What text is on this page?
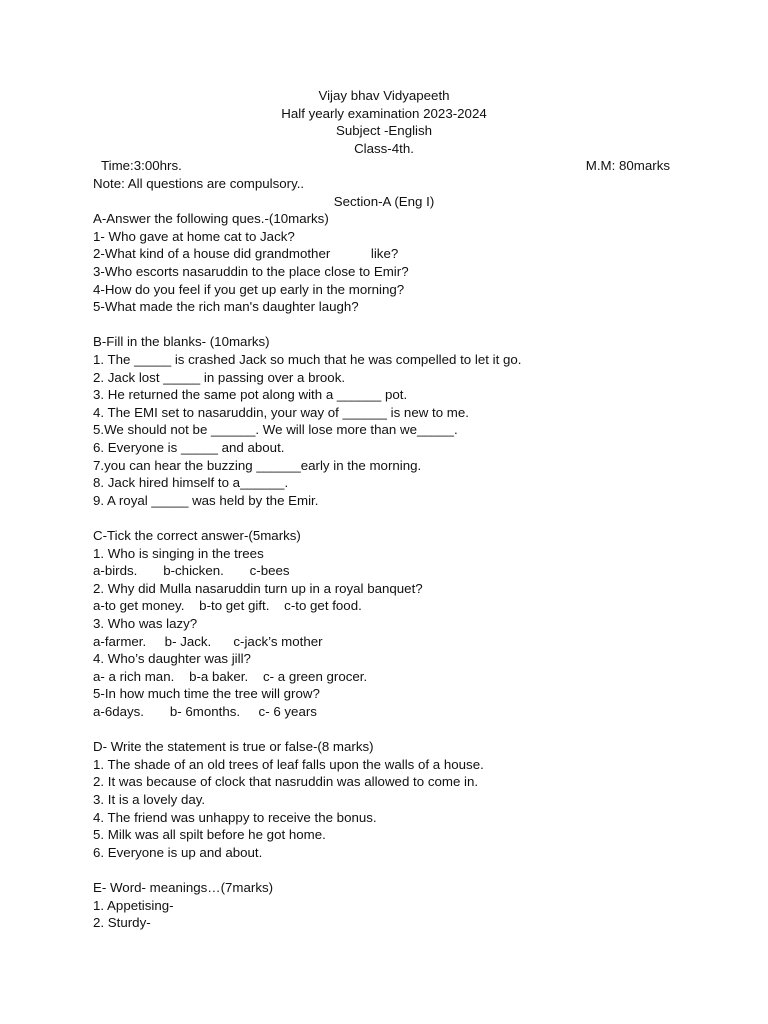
Vijay bhav Vidyapeeth
Half yearly examination 2023-2024
Subject -English
Class-4th.
Time:3:00hrs.	M.M: 80marks
Note: All questions are compulsory..
Section-A (Eng I)
A-Answer the following ques.-(10marks)
1- Who gave at home cat to Jack?
2-What kind of a house did grandmother           like?
3-Who escorts nasaruddin to the place close to Emir?
4-How do you feel if you get up early in the morning?
5-What made the rich man's daughter laugh?
B-Fill in the blanks- (10marks)
1. The _____ is crashed Jack so much that he was compelled to let it go.
2. Jack lost _____ in passing over a brook.
3. He returned the same pot along with a ______ pot.
4. The EMI set to nasaruddin, your way of ______ is new to me.
5.We should not be ______. We will lose more than we_____.
6. Everyone is _____ and about.
7.you can hear the buzzing ______early in the morning.
8. Jack hired himself to a______.
9. A royal _____ was held by the Emir.
C-Tick the correct answer-(5marks)
1. Who is singing in the trees
a-birds.       b-chicken.       c-bees
2. Why did Mulla nasaruddin turn up in a royal banquet?
a-to get money.    b-to get gift.    c-to get food.
3. Who was lazy?
a-farmer.     b- Jack.      c-jack’s mother
4. Who’s daughter was jill?
a- a rich man.    b-a baker.    c- a green grocer.
5-In how much time the tree will grow?
a-6days.       b- 6months.     c- 6 years
D- Write the statement is true or false-(8 marks)
1. The shade of an old trees of leaf falls upon the walls of a house.
2. It was because of clock that nasruddin was allowed to come in.
3. It is a lovely day.
4. The friend was unhappy to receive the bonus.
5. Milk was all spilt before he got home.
6. Everyone is up and about.
E- Word- meanings…(7marks)
1. Appetising-
2. Sturdy-
